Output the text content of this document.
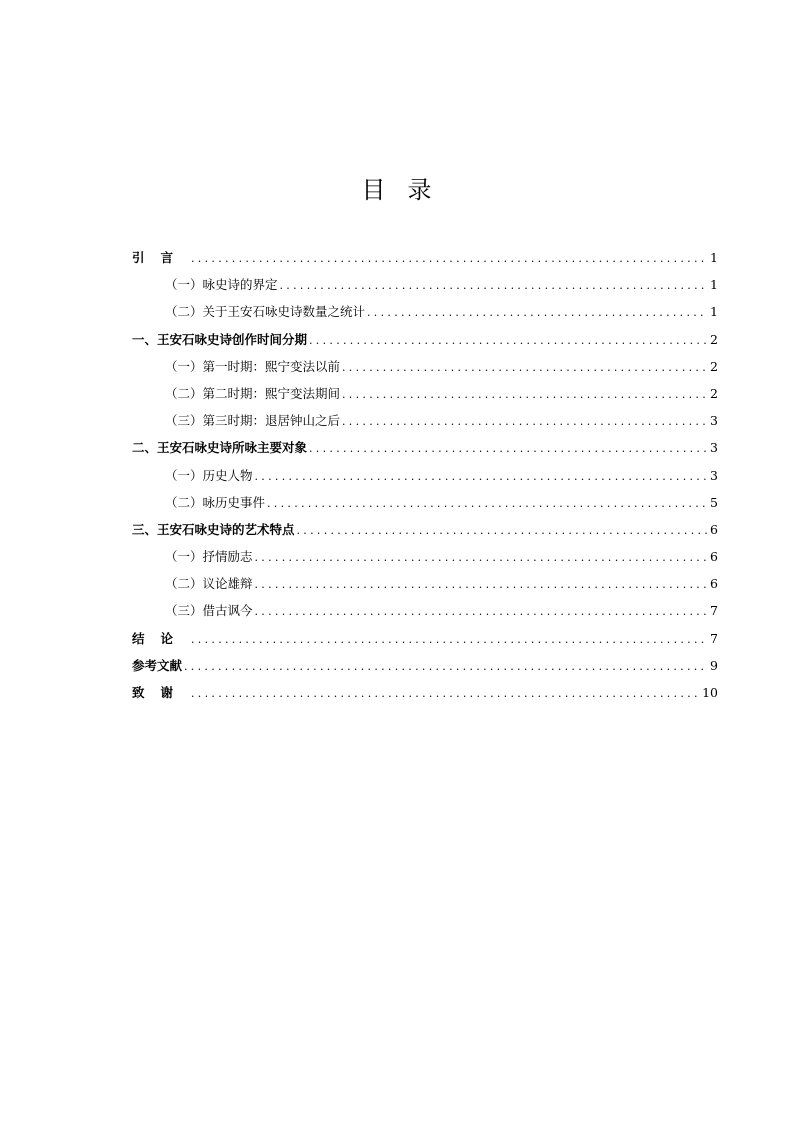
目录
引言 .....	1
（一）咏史诗的界定 .....	1
（二）关于王安石咏史诗数量之统计 .....	1
一、王安石咏史诗创作时间分期 .....	2
（一）第一时期：熙宁变法以前 .....	2
（二）第二时期：熙宁变法期间 .....	2
（三）第三时期：退居钟山之后 .....	3
二、王安石咏史诗所咏主要对象 .....	3
（一）历史人物 .....	3
（二）咏历史事件 .....	5
三、王安石咏史诗的艺术特点 .....	6
（一）抒情励志 .....	6
（二）议论雄辩 .....	6
（三）借古讽今 .....	7
结论 .....	7
参考文献 .....	9
致谢 .....	10
